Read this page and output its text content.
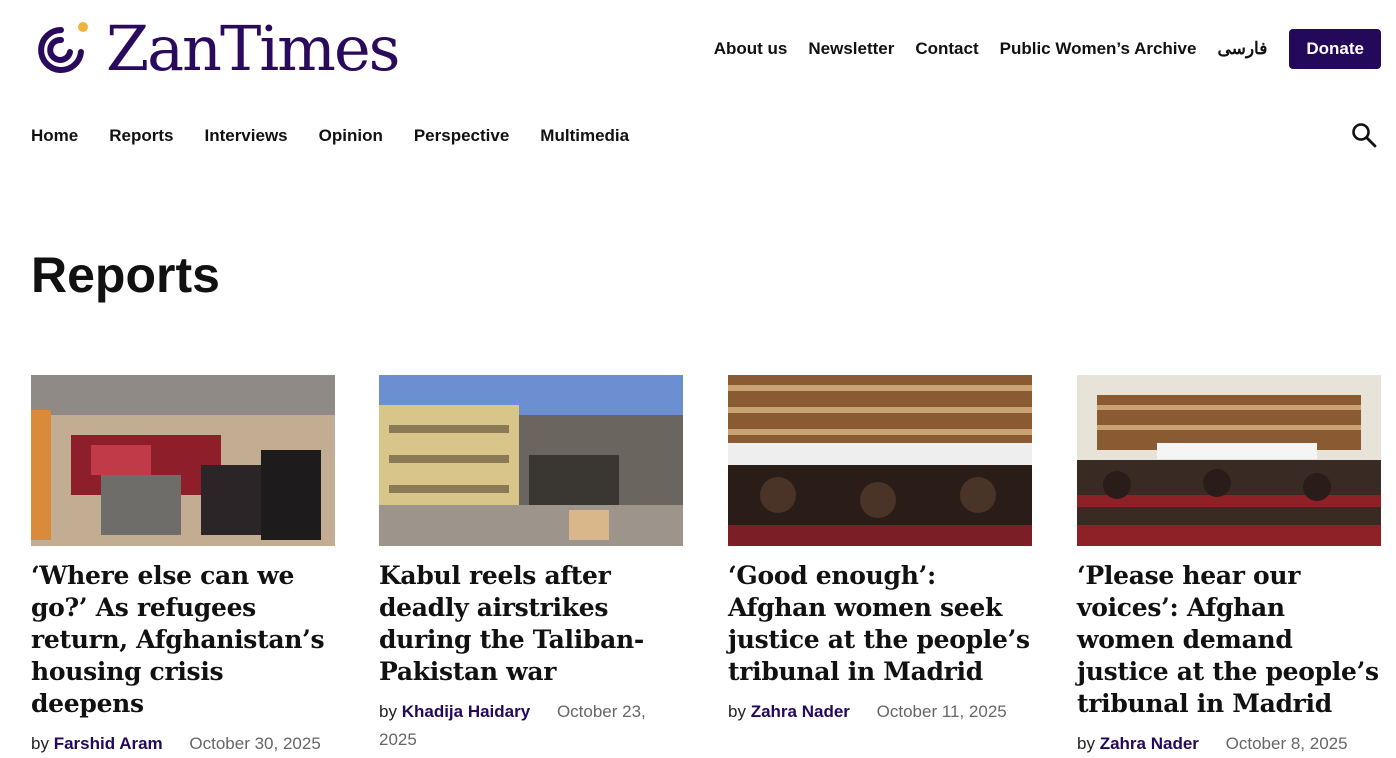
ZanTimes	About us Newsletter Contact Public Women’s Archive فارسی	Donate
Home Reports Interviews Opinion Perspective Multimedia
Reports
‘Where else can we go?’ As refugees return, Afghanistan’s housing crisis deepens
by Farshid Aram October 30, 2025
Kabul reels after deadly airstrikes during the Taliban-Pakistan war
by Khadija Haidary October 23, 2025
‘Good enough’: Afghan women seek justice at the people’s tribunal in Madrid
by Zahra Nader October 11, 2025
‘Please hear our voices’: Afghan women demand justice at the people’s tribunal in Madrid
by Zahra Nader October 8, 2025
